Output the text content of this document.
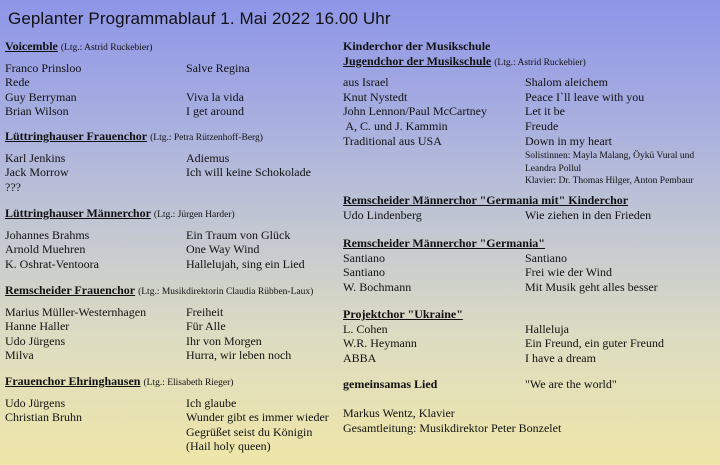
Geplanter Programmablauf 1. Mai 2022 16.00 Uhr
Voicemble (Ltg.: Astrid Ruckebier)
Franco Prinsloo	Salve Regina
Rede
Guy Berryman	Viva la vida
Brian Wilson	I get around
Lüttringhauser Frauenchor (Ltg.: Petra Rützenhoff-Berg)
Karl Jenkins	Adiemus
Jack Morrow	Ich will keine Schokolade
???
Lüttringhauser Männerchor (Ltg.: Jürgen Harder)
Johannes Brahms	Ein Traum von Glück
Arnold Muehren	One Way Wind
K. Oshrat-Ventoora	Hallelujah, sing ein Lied
Remscheider Frauenchor (Ltg.: Musikdirektorin Claudia Rübben-Laux)
Marius Müller-Westernhagen	Freiheit
Hanne Haller	Für Alle
Udo Jürgens	Ihr von Morgen
Milva	Hurra, wir leben noch
Frauenchor Ehringhausen (Ltg.: Elisabeth Rieger)
Udo Jürgens	Ich glaube
Christian Bruhn	Wunder gibt es immer wieder
Gegrüßet seist du Königin
(Hail holy queen)
Kinderchor der Musikschule
Jugendchor der Musikschule (Ltg.: Astrid Ruckebier)
aus Israel	Shalom aleichem
Knut Nystedt	Peace I`ll leave with you
John Lennon/Paul McCartney	Let it be
A, C. und J. Kammin	Freude
Traditional aus USA	Down in my heart
Solistinnen: Mayla Malang, Öykü Vural und
Leandra Pollul
Klavier: Dr. Thomas Hilger, Anton Pembaur
Remscheider Männerchor "Germania mit" Kinderchor
Udo Lindenberg	Wie ziehen in den Frieden
Remscheider Männerchor "Germania"
Santiano	Santiano
Santiano	Frei wie der Wind
W. Bochmann	Mit Musik geht alles besser
Projektchor "Ukraine"
L. Cohen	Halleluja
W.R. Heymann	Ein Freund, ein guter Freund
ABBA	I have a dream
gemeinsamas Lied	"We are the world"
Markus Wentz, Klavier
Gesamtleitung: Musikdirektor Peter Bonzelet
